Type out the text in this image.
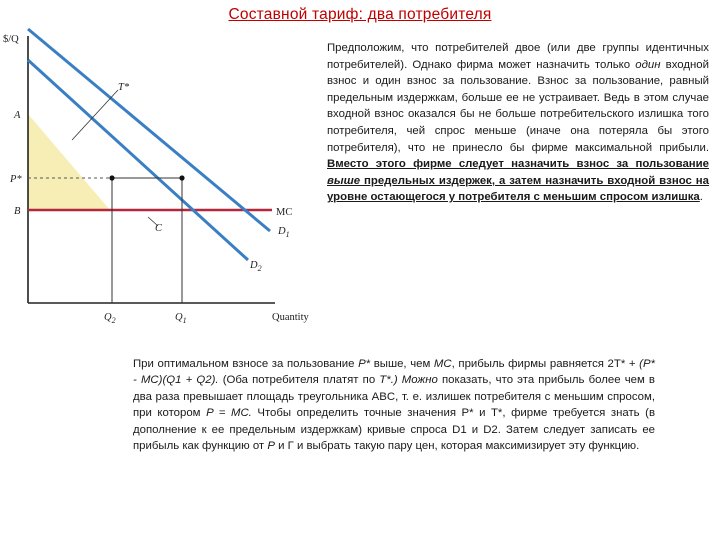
Составной тариф: два потребителя
$/Q
A
P*
B
T*
C
MC
$D_1$
$D_2$
$Q_2$	$Q_1$	Quantity
Предположим, что потребителей двое (или две группы идентичных потребителей). Однако фирма может назначить только один входной взнос и один взнос за пользование. Взнос за пользование, равный предельным издержкам, больше ее не устраивает. Ведь в этом случае входной взнос оказался бы не больше потребительского излишка того потребителя, чей спрос меньше (иначе она потеряла бы этого потребителя), что не принесло бы фирме максимальной прибыли. Вместо этого фирме следует назначить взнос за пользование выше предельных издержек, а затем назначить входной взнос на уровне остающегося у потребителя с меньшим спросом излишка.
При оптимальном взносе за пользование P* выше, чем MC, прибыль фирмы равняется 2T* + (P* - MC)(Q1 + Q2). (Оба потребителя платят по T*.) Можно показать, что эта прибыль более чем в два раза превышает площадь треугольника ABC, т. е. излишек потребителя с меньшим спросом, при котором P = MC. Чтобы определить точные значения P* и T*, фирме требуется знать (в дополнение к ее предельным издержкам) кривые спроса D1 и D2. Затем следует записать ее прибыль как функцию от P и Г и выбрать такую пару цен, которая максимизирует эту функцию.
